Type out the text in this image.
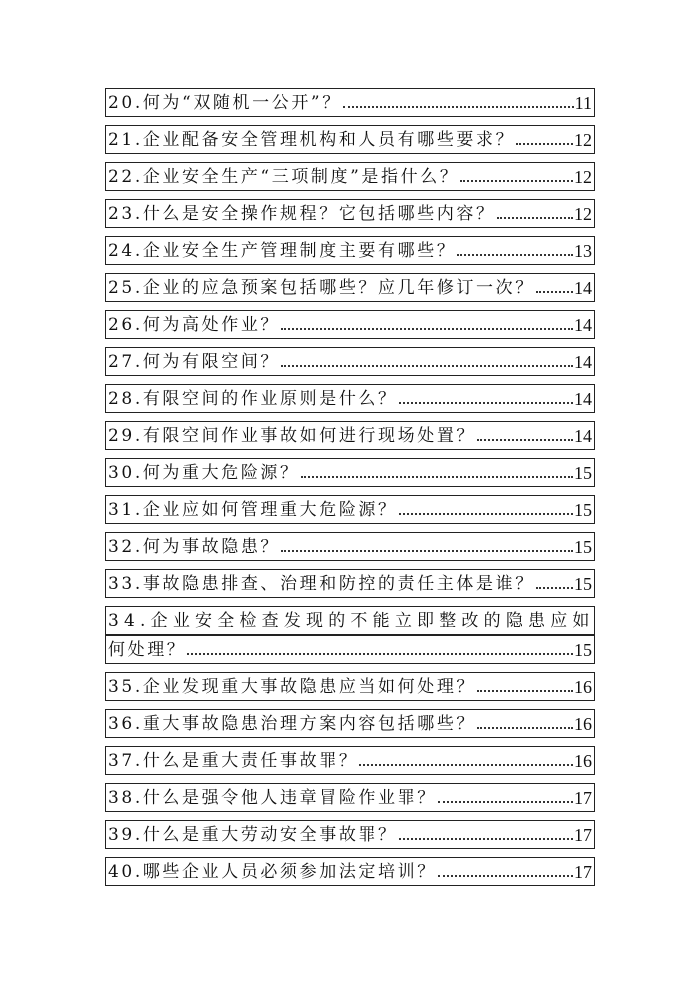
20.何为“双随机一公开”？	11
21.企业配备安全管理机构和人员有哪些要求？	12
22.企业安全生产“三项制度”是指什么？	12
23.什么是安全操作规程？它包括哪些内容？	12
24.企业安全生产管理制度主要有哪些？	13
25.企业的应急预案包括哪些？应几年修订一次？ 14
26.何为高处作业？	14
27.何为有限空间？	14
28.有限空间的作业原则是什么？	14
29.有限空间作业事故如何进行现场处置？	14
30.何为重大危险源？	15
31.企业应如何管理重大危险源？	15
32.何为事故隐患？	15
33.事故隐患排查、治理和防控的责任主体是谁？ 15
34.企业安全检查发现的不能立即整改的隐患应如
何处理？	15
35.企业发现重大事故隐患应当如何处理？	16
36.重大事故隐患治理方案内容包括哪些？	16
37.什么是重大责任事故罪？	16
38.什么是强令他人违章冒险作业罪？	17
39.什么是重大劳动安全事故罪？	17
40.哪些企业人员必须参加法定培训？	17
